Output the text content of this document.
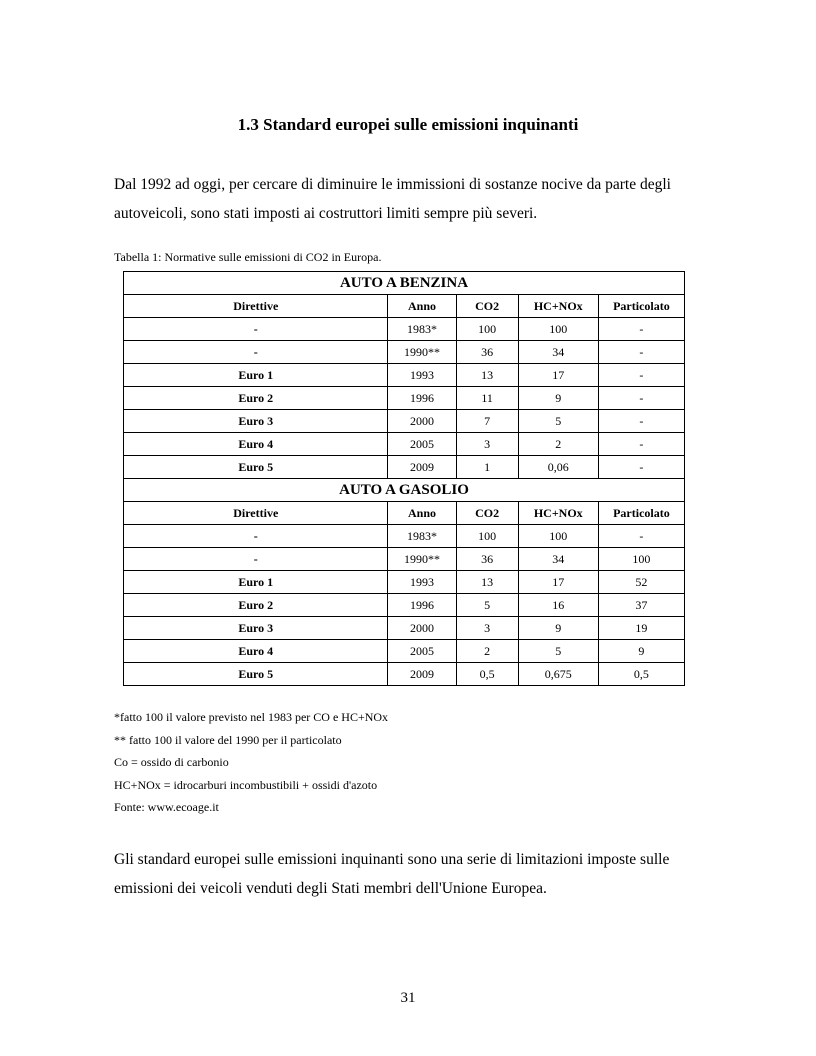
1.3 Standard europei sulle emissioni inquinanti
Dal 1992 ad oggi, per cercare di diminuire le immissioni di sostanze nocive da parte degli autoveicoli, sono stati imposti ai costruttori limiti sempre più severi.
Tabella 1: Normative sulle emissioni di CO2 in Europa.
AUTO A BENZINA				
Direttive	Anno	CO2	HC+NOx	Particolato
-	1983*	100	100	-
-	1990**	36	34	-
Euro 1	1993	13	17	-
Euro 2	1996	11	9	-
Euro 3	2000	7	5	-
Euro 4	2005	3	2	-
Euro 5	2009	1	0,06	-
AUTO A GASOLIO				
Direttive	Anno	CO2	HC+NOx	Particolato
-	1983*	100	100	-
-	1990**	36	34	100
Euro 1	1993	13	17	52
Euro 2	1996	5	16	37
Euro 3	2000	3	9	19
Euro 4	2005	2	5	9
Euro 5	2009	0,5	0,675	0,5
*fatto 100 il valore previsto nel 1983 per CO e HC+NOx
** fatto 100 il valore del 1990 per il particolato
Co = ossido di carbonio
HC+NOx = idrocarburi incombustibili + ossidi d'azoto
Fonte: www.ecoage.it
Gli standard europei sulle emissioni inquinanti sono una serie di limitazioni imposte sulle emissioni dei veicoli venduti degli Stati membri dell'Unione Europea.
31
